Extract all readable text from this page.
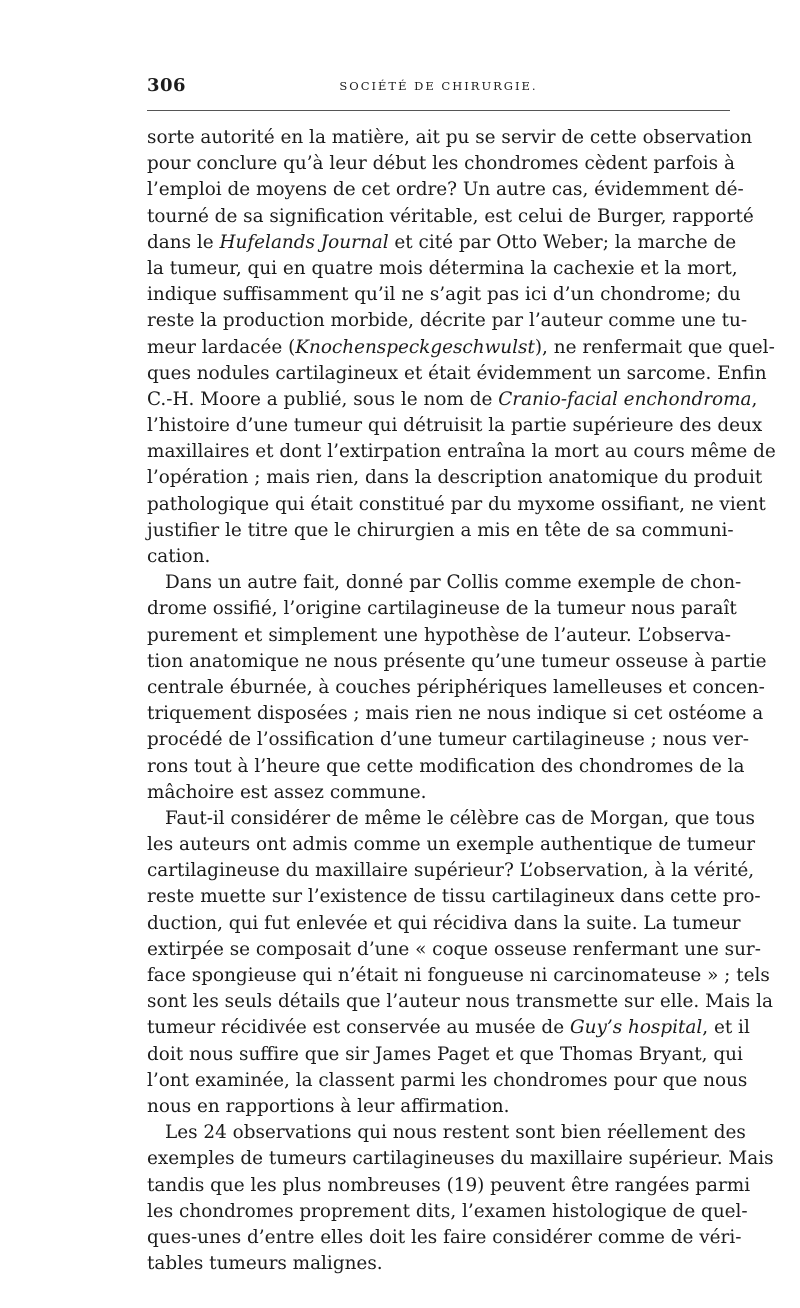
306	SOCIÉTÉ DE CHIRURGIE.
sorte autorité en la matière, ait pu se servir de cette observation
pour conclure qu’à leur début les chondromes cèdent parfois à
l’emploi de moyens de cet ordre? Un autre cas, évidemment dé-
tourné de sa signification véritable, est celui de Burger, rapporté
dans le Hufelands Journal et cité par Otto Weber; la marche de
la tumeur, qui en quatre mois détermina la cachexie et la mort,
indique suffisamment qu’il ne s’agit pas ici d’un chondrome; du
reste la production morbide, décrite par l’auteur comme une tu-
meur lardacée (Knochenspeckgeschwulst), ne renfermait que quel-
ques nodules cartilagineux et était évidemment un sarcome. Enfin
C.-H. Moore a publié, sous le nom de Cranio-facial enchondroma,
l’histoire d’une tumeur qui détruisit la partie supérieure des deux
maxillaires et dont l’extirpation entraîna la mort au cours même de
l’opération ; mais rien, dans la description anatomique du produit
pathologique qui était constitué par du myxome ossifiant, ne vient
justifier le titre que le chirurgien a mis en tête de sa communi-
cation.
Dans un autre fait, donné par Collis comme exemple de chon-
drome ossifié, l’origine cartilagineuse de la tumeur nous paraît
purement et simplement une hypothèse de l’auteur. L’observa-
tion anatomique ne nous présente qu’une tumeur osseuse à partie
centrale éburnée, à couches périphériques lamelleuses et concen-
triquement disposées ; mais rien ne nous indique si cet ostéome a
procédé de l’ossification d’une tumeur cartilagineuse ; nous ver-
rons tout à l’heure que cette modification des chondromes de la
mâchoire est assez commune.
Faut-il considérer de même le célèbre cas de Morgan, que tous
les auteurs ont admis comme un exemple authentique de tumeur
cartilagineuse du maxillaire supérieur? L’observation, à la vérité,
reste muette sur l’existence de tissu cartilagineux dans cette pro-
duction, qui fut enlevée et qui récidiva dans la suite. La tumeur
extirpée se composait d’une « coque osseuse renfermant une sur-
face spongieuse qui n’était ni fongueuse ni carcinomateuse » ; tels
sont les seuls détails que l’auteur nous transmette sur elle. Mais la
tumeur récidivée est conservée au musée de Guy’s hospital, et il
doit nous suffire que sir James Paget et que Thomas Bryant, qui
l’ont examinée, la classent parmi les chondromes pour que nous
nous en rapportions à leur affirmation.
Les 24 observations qui nous restent sont bien réellement des
exemples de tumeurs cartilagineuses du maxillaire supérieur. Mais
tandis que les plus nombreuses (19) peuvent être rangées parmi
les chondromes proprement dits, l’examen histologique de quel-
ques-unes d’entre elles doit les faire considérer comme de véri-
tables tumeurs malignes.
